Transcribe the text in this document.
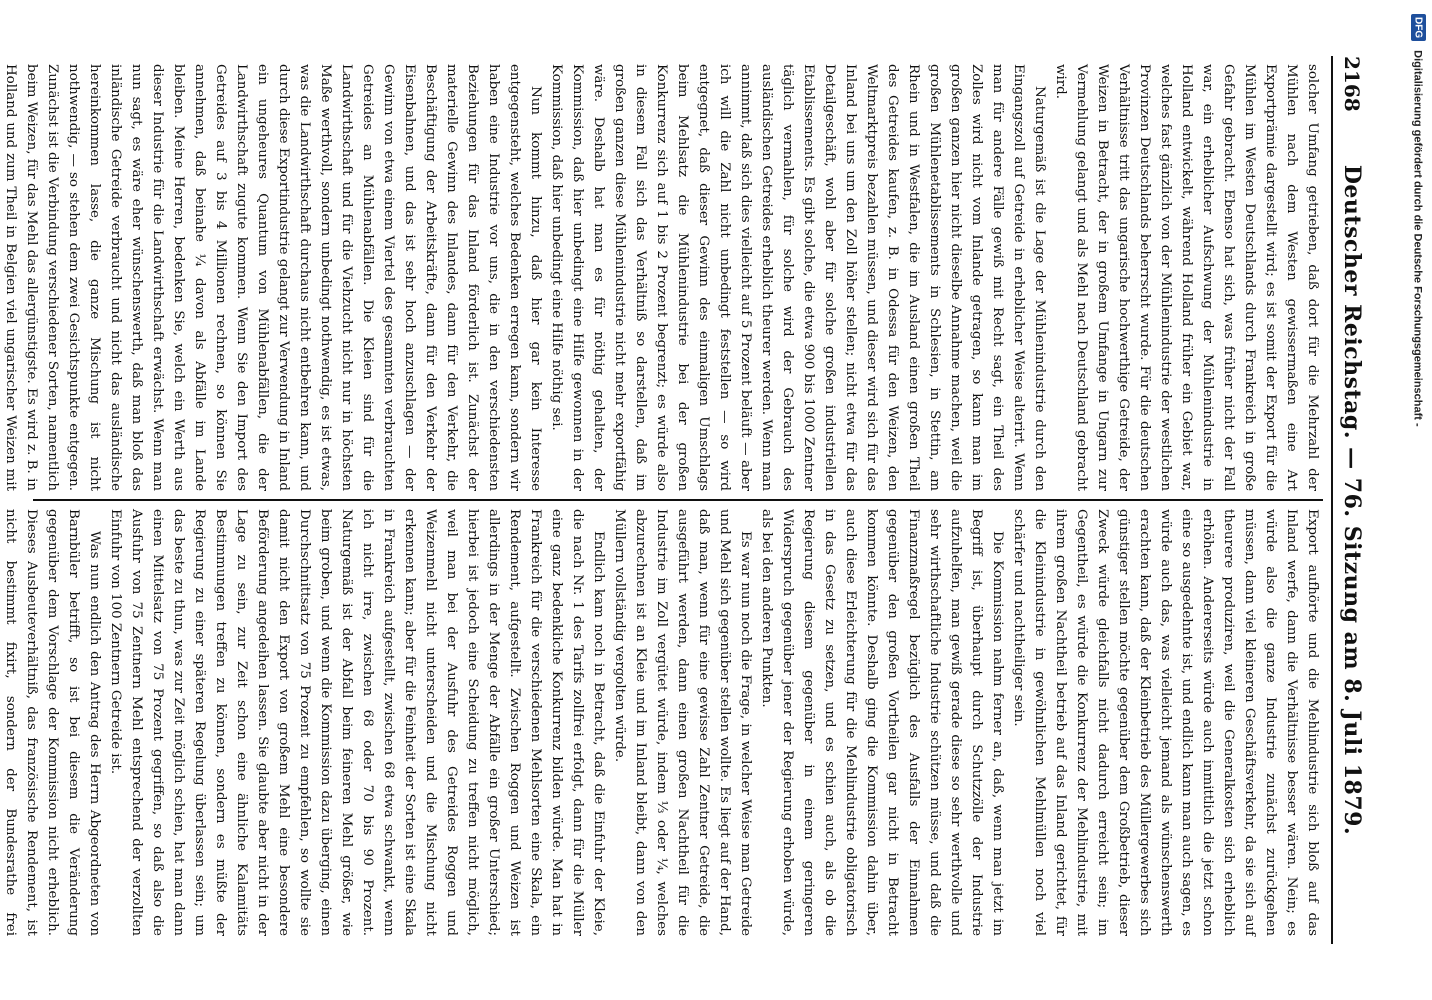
2168
Deutscher Reichstag. — 76. Sitzung am 8. Juli 1879.

solcher Umfang getrieben, daß dort für die Mehrzahl der Mühlen nach dem Westen gewissermaßen eine Art Exportprämie dargestellt wird; es ist somit der Export für die Mühlen im Westen Deutschlands durch Frankreich in große Gefahr gebracht. Ebenso hat sich, was früher nicht der Fall war, ein erheblicher Aufschwung der Mühlenindustrie in Holland entwickelt, während Holland früher ein Gebiet war, welches fast gänzlich von der Mühlenindustrie der westlichen Provinzen Deutschlands beherrscht wurde. Für die deutschen Verhältnisse tritt das ungarische hochwerthige Getreide, der Weizen in Betracht, der in großem Umfange in Ungarn zur Vermehlung gelangt und als Mehl nach Deutschland gebracht wird.

Naturgemäß ist die Lage der Mühlenindustrie durch den Eingangszoll auf Getreide in erheblicher Weise alterirt. Wenn man für andere Fälle gewiß mit Recht sagt, ein Theil des Zolles wird nicht vom Inlande getragen, so kann man im großen ganzen hier nicht dieselbe Annahme machen, weil die großen Mühlenetablissements in Schlesien, in Stettin, am Rhein und in Westfalen, die im Ausland einen großen Theil des Getreides kaufen, z. B. in Odessa für den Weizen, den Weltmarktpreis bezahlen müssen, und dieser wird sich für das Inland bei uns um den Zoll höher stellen; nicht etwa für das Detailgeschäft, wohl aber für solche großen industriellen Etablissements. Es gibt solche, die etwa 900 bis 1000 Zentner täglich vermahlen, für solche wird der Gebrauch des ausländischen Getreides erheblich theurer werden. Wenn man annimmt, daß sich dies vielleicht auf 5 Prozent beläuft — aber ich will die Zahl nicht unbedingt feststellen — so wird entgegnet, daß dieser Gewinn des einmaligen Umschlags beim Mehlsatz die Mühlenindustrie bei der großen Konkurrenz sich auf 1 bis 2 Prozent begrenzt; es würde also in diesem Fall sich das Verhältniß so darstellen, daß im großen ganzen diese Mühlenindustrie nicht mehr exportfähig wäre. Deshalb hat man es für nöthig gehalten, der Kommission, daß hier unbedingt eine Hilfe gewonnen in der Kommission, daß hier unbedingt eine Hilfe nöthig sei.

Nun kommt hinzu, daß hier gar kein Interesse entgegensteht, welches Bedenken erregen kann, sondern wir haben eine Industrie vor uns, die in den verschiedensten Beziehungen für das Inland förderlich ist. Zunächst der materielle Gewinn des Inlandes, dann für den Verkehr, die Beschäftigung der Arbeitskräfte, dann für den Verkehr der Eisenbahnen, und das ist sehr hoch anzuschlagen — der Gewinn von etwa einem Viertel des gesammten verbrauchten Getreides an Mühlenabfällen. Die Kleien sind für die Landwirthschaft und für die Viehzucht nicht nur in höchsten Maße werthvoll, sondern unbedingt nothwendig, es ist etwas, was die Landwirthschaft durchaus nicht entbehren kann, und durch diese Exportindustrie gelangt zur Verwendung in Inland ein ungeheures Quantum von Mühlenabfällen, die der Landwirthschaft zugute kommen. Wenn Sie den Import des Getreides auf 3 bis 4 Millionen rechnen, so können Sie annehmen, daß beinahe ¼ davon als Abfälle im Lande bleiben. Meine Herren, bedenken Sie, welch ein Werth aus dieser Industrie für die Landwirthschaft erwächst. Wenn man nun sagt, es wäre eher wünschenswerth, daß man bloß das inländische Getreide verbraucht und nicht das ausländische hereinkommen lasse, die ganze Mischung ist nicht nothwendig, — so stehen dem zwei Gesichtspunkte entgegen. Zunächst ist die Verbindung verschiedener Sorten, namentlich beim Weizen, für das Mehl das allergünstigste. Es wird z. B. in Holland und zum Theil in Belgien viel ungarischer Weizen mit

Export aufhörte und die Mehlindustrie sich bloß auf das Inland werfe, dann die Verhältnisse besser wären. Nein; es würde also die ganze Industrie zunächst zurückgehen müssen, dann viel kleineren Geschäftsverkehr, da sie sich auf theurere produziren, weil die Generalkosten sich erheblich erhöhen. Andererseits würde auch inmittlich die jetzt schon eine so ausgedehnte ist, und endlich kann man auch sagen, es würde auch das, was vielleicht jemand als wünschenswerth erachten kann, daß der Kleinbetrieb des Müllergewerbes sich günstiger stellen möchte gegenüber dem Großbetrieb, dieser Zweck würde gleichfalls nicht dadurch erreicht sein; im Gegentheil, es würde die Konkurrenz der Mehlindustrie, mit ihrem großen Nachtheil betrieb auf das Inland gerichtet, für die Kleinindustrie in gewöhnlichen Mehlmüllen noch viel schärfer und nachtheiliger sein.

Die Kommission nahm ferner an, daß, wenn man jetzt im Begriff ist, überhaupt durch Schutzzölle der Industrie aufzuhelfen, man gewiß gerade diese so sehr werthvolle und sehr wirthschaftliche Industrie schützen müsse, und daß die Finanzmaßregel bezüglich des Ausfalls der Einnahmen gegenüber den großen Vortheilen gar nicht in Betracht kommen könnte. Deshalb ging die Kommission dahin über, auch diese Erleichterung für die Mehlindustrie obligatorisch in das Gesetz zu setzen, und es schien auch, als ob die Regierung diesem gegenüber in einem geringeren Widerspruch gegenüber jener der Regierung erhoben würde, als bei den anderen Punkten.

Es war nun noch die Frage, in welcher Weise man Getreide und Mehl sich gegenüber stellen wollte. Es liegt auf der Hand, daß man, wenn für eine gewisse Zahl Zentner Getreide, die ausgeführt werden, dann einen großen Nachtheil für die Industrie im Zoll vergütet würde, indem ⅓ oder ¼, welches abzurechnen ist an Kleie und im Inland bleibt, dann von den Müllern vollständig vergolten würde.

Endlich kam noch in Betracht, daß die Einfuhr der Kleie, die nach Nr. 1 des Tarifs zollfrei erfolgt, dann für die Müller eine ganz bedenkliche Konkurrenz bilden würde. Man hat in Frankreich für die verschiedenen Mehlsorten eine Skala, ein Rendement, aufgestellt. Zwischen Roggen und Weizen ist allerdings in der Menge der Abfälle ein großer Unterschied; hierbei ist jedoch eine Scheidung zu treffen nicht möglich, weil man bei der Ausfuhr des Getreides Roggen und Weizenmehl nicht unterscheiden und die Mischung nicht erkennen kann; aber für die Feinheit der Sorten ist eine Skala in Frankreich aufgestellt, zwischen 68 etwa schwankt, wenn ich nicht irre, zwischen 68 oder 70 bis 90 Prozent. Naturgemäß ist der Abfall beim feineren Mehl größer, wie beim groben, und wenn die Kommission dazu überging, einen Durchschnittsatz von 75 Prozent zu empfehlen, so wollte sie damit nicht den Export von großem Mehl eine besondere Beförderung angedeihen lassen. Sie glaubte aber nicht in der Lage zu sein, zur Zeit schon eine ähnliche Kalamitäts Bestimmungen treffen zu können, sondern es müßte der Regierung zu einer späteren Regelung überlassen sein; um das beste zu thun, was zur Zeit möglich schien, hat man dann einen Mittelsatz von 75 Prozent gegriffen, so daß also die Ausfuhr von 75 Zentnern Mehl entsprechend der verzollten Einfuhr von 100 Zentnern Getreide ist.

Was nun endlich den Antrag des Herrn Abgeordneten von Barnbüler betrifft, so ist bei diesem die Veränderung gegenüber dem Vorschlage der Kommission nicht erheblich. Dieses Ausbeuteverhältniß, das französische Rendement, ist nicht bestimmt fixirt, sondern der Bundesrathe frei

DFG Digitalisierung gefördert durch die Deutsche Forschungsgemeinschaft -
